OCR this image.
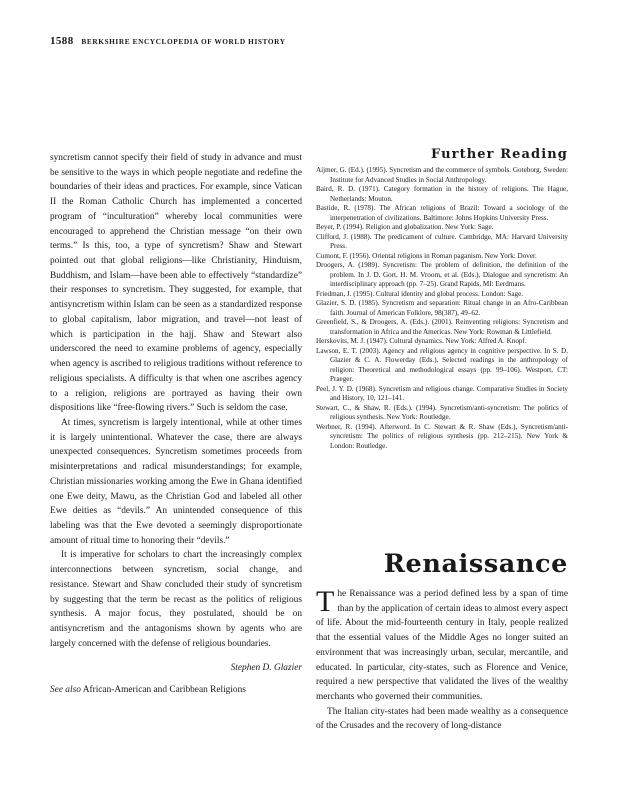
1588 BERKSHIRE ENCYCLOPEDIA OF WORLD HISTORY

syncretism cannot specify their field of study in advance and must be sensitive to the ways in which people negotiate and redefine the boundaries of their ideas and practices. For example, since Vatican II the Roman Catholic Church has implemented a concerted program of “inculturation” whereby local communities were encouraged to apprehend the Christian message “on their own terms.” Is this, too, a type of syncretism? Shaw and Stewart pointed out that global religions—like Christianity, Hinduism, Buddhism, and Islam—have been able to effectively “standardize” their responses to syncretism. They suggested, for example, that antisyncretism within Islam can be seen as a standardized response to global capitalism, labor migration, and travel—not least of which is participation in the hajj. Shaw and Stewart also underscored the need to examine problems of agency, especially when agency is ascribed to religious traditions without reference to religious specialists. A difficulty is that when one ascribes agency to a religion, religions are portrayed as having their own dispositions like “free-flowing rivers.” Such is seldom the case.

At times, syncretism is largely intentional, while at other times it is largely unintentional. Whatever the case, there are always unexpected consequences. Syncretism sometimes proceeds from misinterpretations and radical misunderstandings; for example, Christian missionaries working among the Ewe in Ghana identified one Ewe deity, Mawu, as the Christian God and labeled all other Ewe deities as “devils.” An unintended consequence of this labeling was that the Ewe devoted a seemingly disproportionate amount of ritual time to honoring their “devils.”

It is imperative for scholars to chart the increasingly complex interconnections between syncretism, social change, and resistance. Stewart and Shaw concluded their study of syncretism by suggesting that the term be recast as the politics of religious synthesis. A major focus, they postulated, should be on antisyncretism and the antagonisms shown by agents who are largely concerned with the defense of religious boundaries.

Stephen D. Glazier
See also African-American and Caribbean Religions
Further Reading
Aijmer, G. (Ed.). (1995). Syncretism and the commerce of symbols. Goteborg, Sweden: Institute for Advanced Studies in Social Anthropology.
Baird, R. D. (1971). Category formation in the history of religions. The Hague, Netherlands: Mouton.
Bastide, R. (1978). The African religions of Brazil: Toward a sociology of the interpenetration of civilizations. Baltimore: Johns Hopkins University Press.
Beyer, P. (1994). Religion and globalization. New York: Sage.
Clifford, J. (1988). The predicament of culture. Cambridge, MA: Harvard University Press.
Cumont, F. (1956). Oriental religions in Roman paganism. New York: Dover.
Droogers, A. (1989). Syncretism: The problem of definition, the definition of the problem. In J. D. Gort, H. M. Vroom, et al. (Eds.), Dialogue and syncretism: An interdisciplinary approach (pp. 7–25). Grand Rapids, MI: Eerdmans.
Friedman, J. (1995). Cultural identity and global process. London: Sage.
Glazier, S. D. (1985). Syncretism and separation: Ritual change in an Afro-Caribbean faith. Journal of American Folklore, 98(387), 49–62.
Greenfield, S., & Droogers, A. (Eds.). (2001). Reinventing religions: Syncretism and transformation in Africa and the Americas. New York: Rowman & Littlefield.
Herskovits, M. J. (1947). Cultural dynamics. New York: Alfred A. Knopf.
Lawson, E. T. (2003). Agency and religious agency in cognitive perspective. In S. D. Glazier & C. A. Flowerday (Eds.), Selected readings in the anthropology of religion: Theoretical and methodological essays (pp. 99–106). Westport, CT: Praeger.
Peel, J. Y. D. (1968). Syncretism and religious change. Comparative Studies in Society and History, 10, 121–141.
Stewart, C., & Shaw, R. (Eds.). (1994). Syncretism/anti-syncretism: The politics of religious synthesis. New York: Routledge.
Werbner, R. (1994). Afterword. In C. Stewart & R. Shaw (Eds.), Syncretism/anti-syncretism: The politics of religious synthesis (pp. 212–215). New York & London: Routledge.
Renaissance

The Renaissance was a period defined less by a span of time than by the application of certain ideas to almost every aspect of life. About the mid-fourteenth century in Italy, people realized that the essential values of the Middle Ages no longer suited an environment that was increasingly urban, secular, mercantile, and educated. In particular, city-states, such as Florence and Venice, required a new perspective that validated the lives of the wealthy merchants who governed their communities.

The Italian city-states had been made wealthy as a consequence of the Crusades and the recovery of long-distance
